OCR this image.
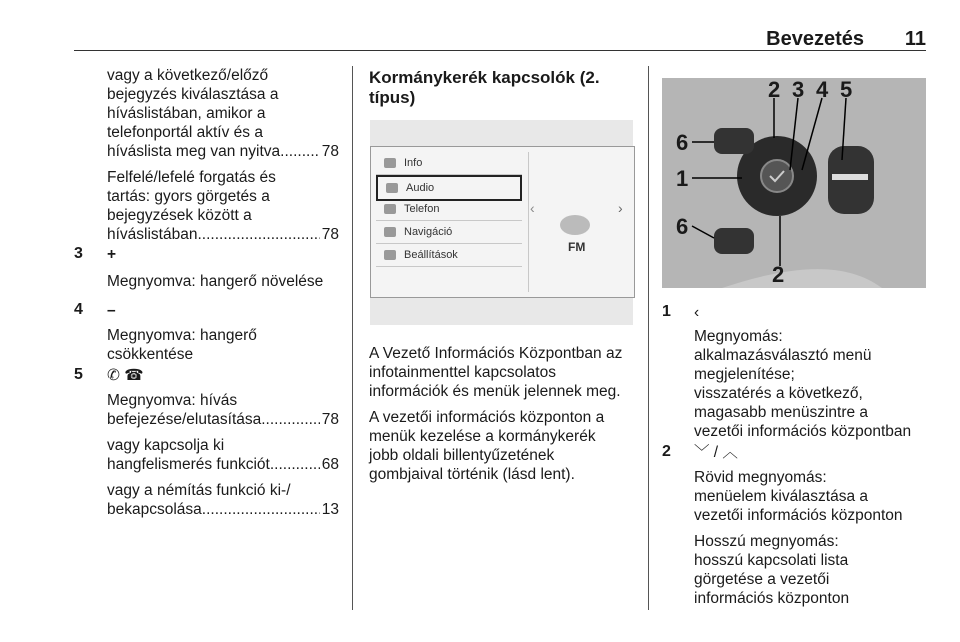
Bevezetés 11

vagy a következő/előző
bejegyzés kiválasztása a
híváslistában, amikor a
telefonportál aktív és a

híváslista meg van nyitva .....	78

Felfelé/lefelé forgatás és
tartás: gyors görgetés a
bejegyzések között a

híváslistában .....	78

3 +
Megnyomva: hangerő növelése
4 –
Megnyomva: hangerő
csökkentése
5 ✆ ☎

Megnyomva: hívás

befejezése/elutasítása .....	78

vagy kapcsolja ki

hangfelismerés funkciót .....	68

vagy a némítás funkció ki-/

bekapcsolása .....	13

Kormánykerék kapcsolók (2.
típus)
Info
Audio
Telefon
Navigáció
Beállítások
‹	›
FM

A Vezető Információs Központban az
infotainmenttel kapcsolatos
információk és menük jelennek meg.

A vezetői információs központon a
menük kezelése a kormánykerék
jobb oldali billentyűzetének
gombjaival történik (lásd lent).

2 3 4 5
6
1
6
2
1 ‹
Megnyomás:
alkalmazásválasztó menü
megjelenítése;
visszatérés a következő,
magasabb menüszintre a
vezetői információs központban
2 ﹀ / ︿

Rövid megnyomás:
menüelem kiválasztása a
vezetői információs központon

Hosszú megnyomás:
hosszú kapcsolati lista
görgetése a vezetői
információs központon
